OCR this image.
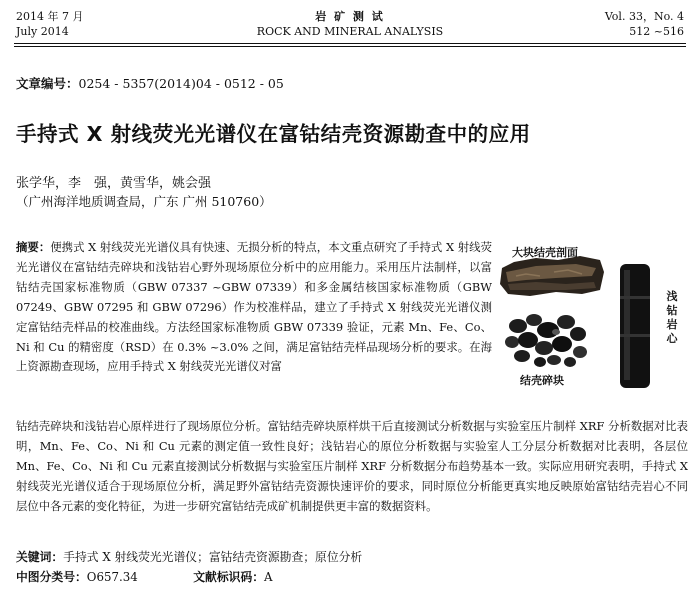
2014 年 7 月
July 2014
岩 矿 测 试
ROCK AND MINERAL ANALYSIS
Vol. 33，No. 4
512 ~516
文章编号：0254 - 5357(2014)04 - 0512 - 05
手持式 X 射线荧光光谱仪在富钴结壳资源勘查中的应用
张学华，李　强，黄雪华，姚会强
（广州海洋地质调查局，广东 广州 510760）
摘要：便携式 X 射线荧光光谱仪具有快速、无损分析的特点，本文重点研究了手持式 X 射线荧光光谱仪在富钴结壳碎块和浅钴岩心野外现场原位分析中的应用能力。采用压片法制样，以富钴结壳国家标准物质（GBW 07337 ~GBW 07339）和多金属结核国家标准物质（GBW 07249、GBW 07295 和 GBW 07296）作为校准样品，建立了手持式 X 射线荧光光谱仪测定富钴结壳样品的校准曲线。方法经国家标准物质 GBW 07339 验证，元素 Mn、Fe、Co、Ni 和 Cu 的精密度（RSD）在 0.3% ~3.0% 之间，满足富钴结壳样品现场分析的要求。在海上资源勘查现场，应用手持式 X 射线荧光光谱仪对富
钴结壳碎块和浅钴岩心原样进行了现场原位分析。富钴结壳碎块原样烘干后直接测试分析数据与实验室压片制样 XRF 分析数据对比表明，Mn、Fe、Co、Ni 和 Cu 元素的测定值一致性良好；浅钴岩心的原位分析数据与实验室人工分层分析数据对比表明，各层位 Mn、Fe、Co、Ni 和 Cu 元素直接测试分析数据与实验室压片制样 XRF 分析数据分布趋势基本一致。实际应用研究表明，手持式 X 射线荧光光谱仪适合于现场原位分析，满足野外富钴结壳资源快速评价的要求，同时原位分析能更真实地反映原始富钴结壳岩心不同层位中各元素的变化特征，为进一步研究富钴结壳成矿机制提供更丰富的数据资料。
大块结壳剖面
结壳碎块
浅钻岩心
关键词：手持式 X 射线荧光光谱仪；富钴结壳资源勘查；原位分析
中图分类号：O657.34	文献标识码：A
